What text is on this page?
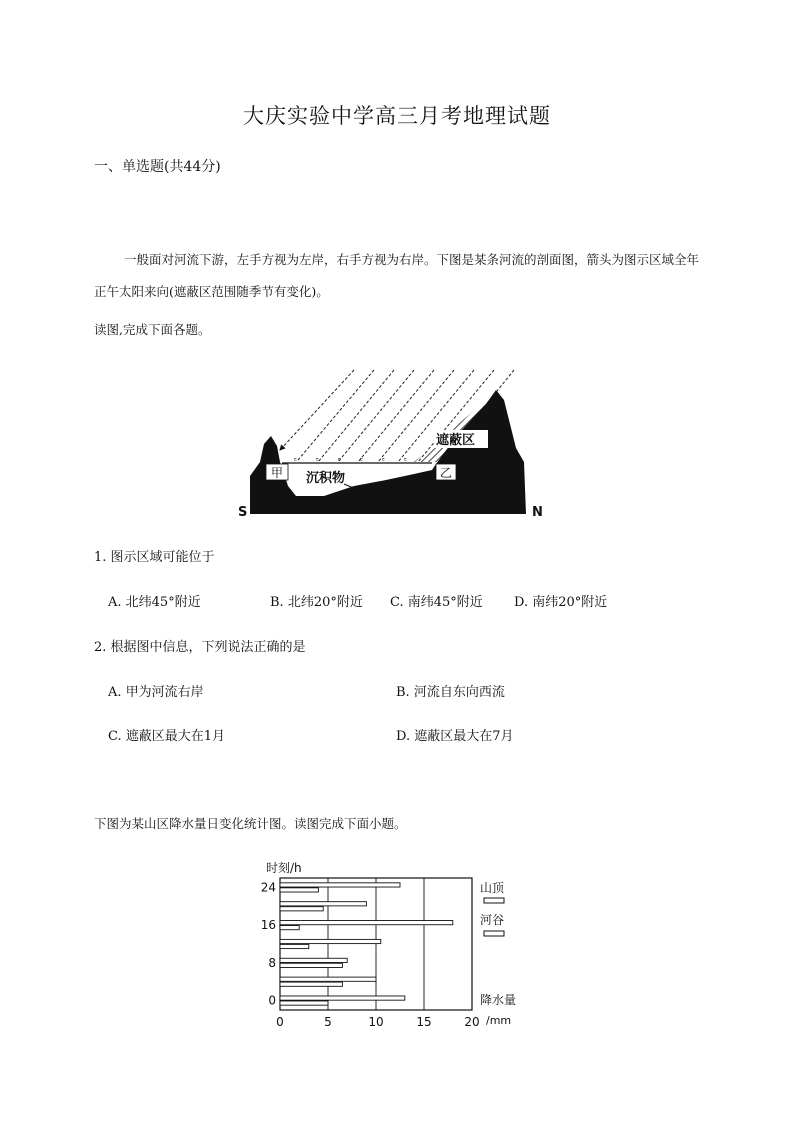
大庆实验中学高三月考地理试题
一、单选题(共44分)
一般面对河流下游，左手方视为左岸，右手方视为右岸。下图是某条河流的剖面图，箭头为图示区域全年正午太阳来向(遮蔽区范围随季节有变化)。
读图,完成下面各题。
ᴱ	ᴱ	ᴱ	ᴱ	ᴱ	ᴱ
甲	乙
沉积物
遮蔽区
S	N
1. 图示区域可能位于
A. 北纬45°附近	B. 北纬20°附近 C. 南纬45°附近 D. 南纬20°附近
2. 根据图中信息，下列说法正确的是
A. 甲为河流右岸	B. 河流自东向西流
C. 遮蔽区最大在1月	D. 遮蔽区最大在7月
下图为某山区降水量日变化统计图。读图完成下面小题。
时刻/h
24
16
8
0
0	5	10	15	20
山顶
河谷
降水量
/mm
